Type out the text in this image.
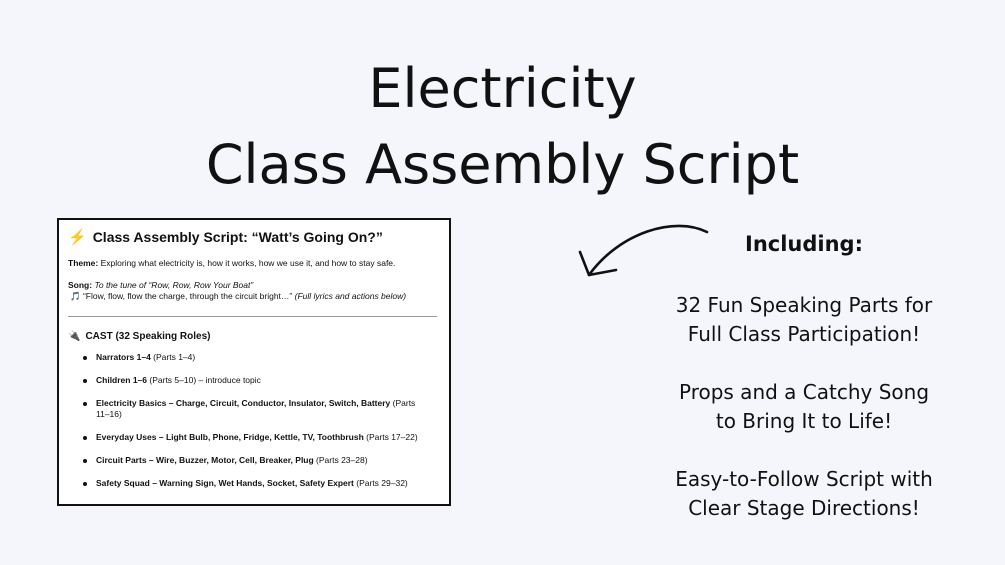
Electricity
Class Assembly Script
⚡ Class Assembly Script: “Watt’s Going On?”

Theme: Exploring what electricity is, how it works, how we use it, and how to stay safe.

Song: To the tune of “Row, Row, Row Your Boat”

🎵 “Flow, flow, flow the charge, through the circuit bright…” (Full lyrics and actions below)

🔌 CAST (32 Speaking Roles)
Narrators 1–4 (Parts 1–4)
Children 1–6 (Parts 5–10) – introduce topic
Electricity Basics – Charge, Circuit, Conductor, Insulator, Switch, Battery (Parts 11–16)
Everyday Uses – Light Bulb, Phone, Fridge, Kettle, TV, Toothbrush (Parts 17–22)
Circuit Parts – Wire, Buzzer, Motor, Cell, Breaker, Plug (Parts 23–28)
Safety Squad – Warning Sign, Wet Hands, Socket, Safety Expert (Parts 29–32)
Including:
32 Fun Speaking Parts for
Full Class Participation!
Props and a Catchy Song
to Bring It to Life!
Easy-to-Follow Script with
Clear Stage Directions!
